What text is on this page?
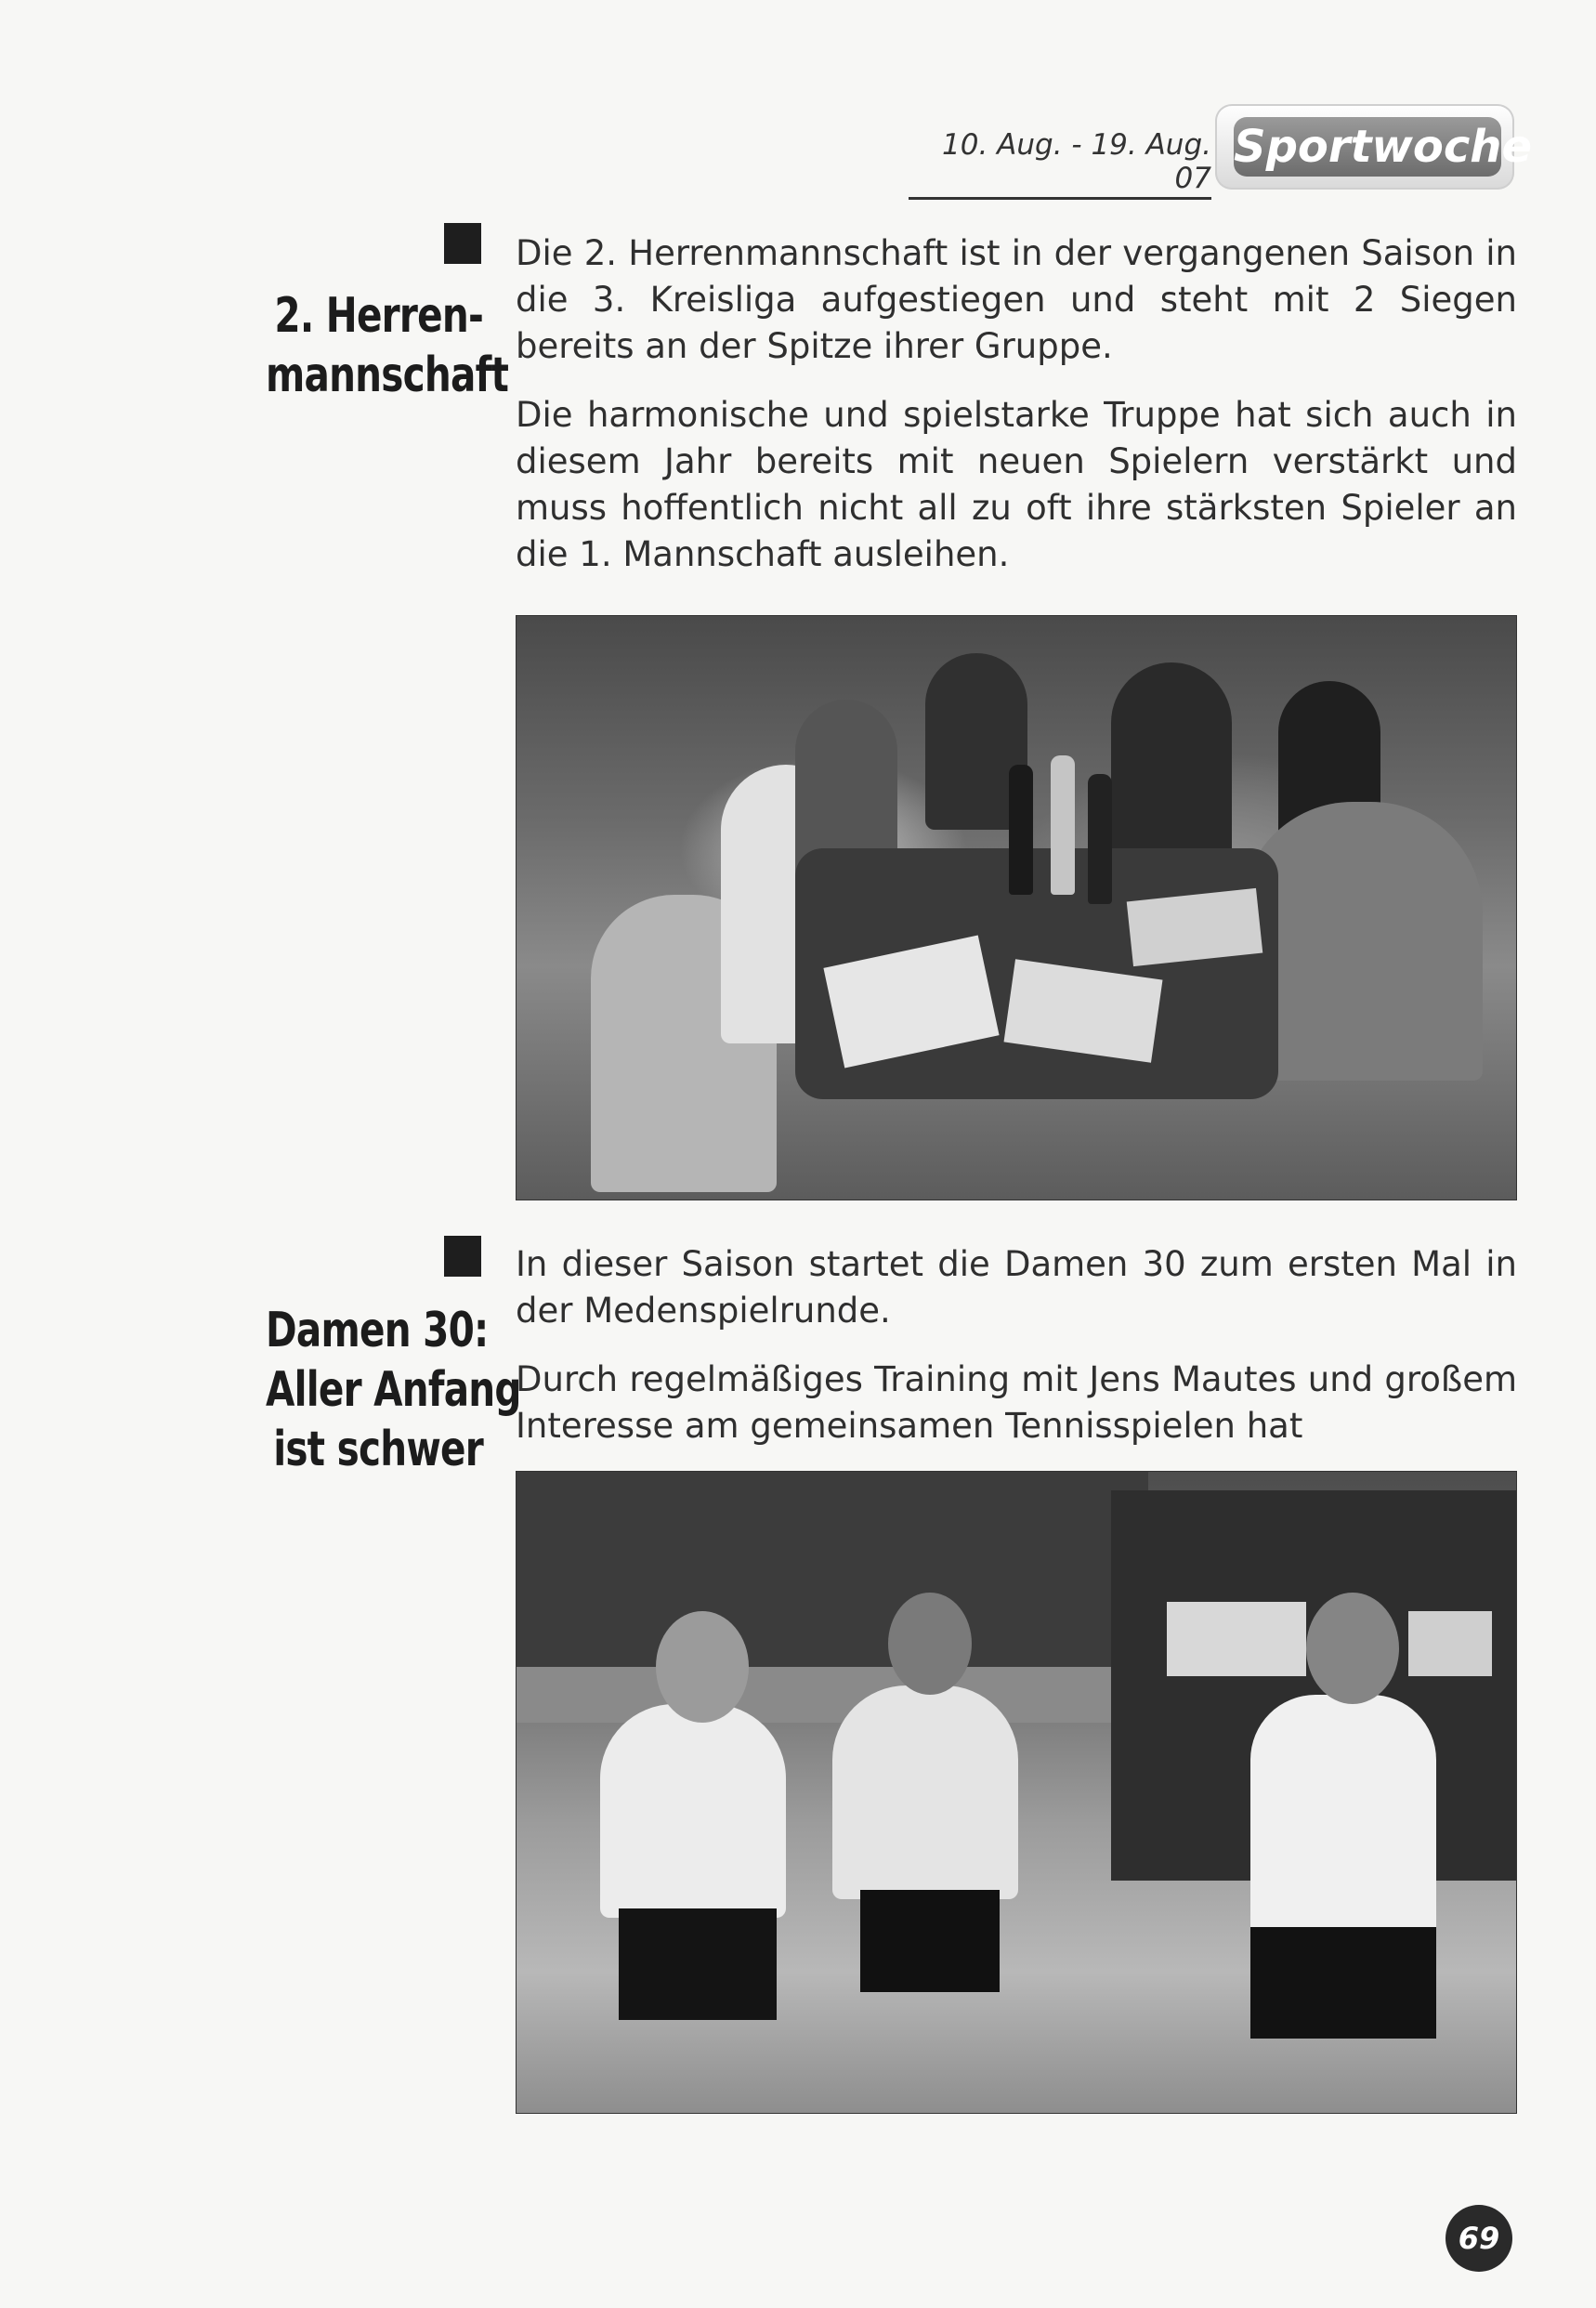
10. Aug. - 19. Aug. 07
Sportwoche
2. Herren-
mannschaft

Die 2. Herrenmannschaft ist in der vergangenen Saison in die 3. Kreisliga aufgestiegen und steht mit 2 Siegen bereits an der Spitze ihrer Gruppe.

Die harmonische und spielstarke Truppe hat sich auch in diesem Jahr bereits mit neuen Spielern verstärkt und muss hoffentlich nicht all zu oft ihre stärksten Spieler an die 1. Mannschaft ausleihen.

Damen 30:
Aller Anfang
ist schwer

In dieser Saison startet die Damen 30 zum ersten Mal in der Medenspielrunde.

Durch regelmäßiges Training mit Jens Mautes und großem Interesse am gemeinsamen Tennisspielen hat

69
